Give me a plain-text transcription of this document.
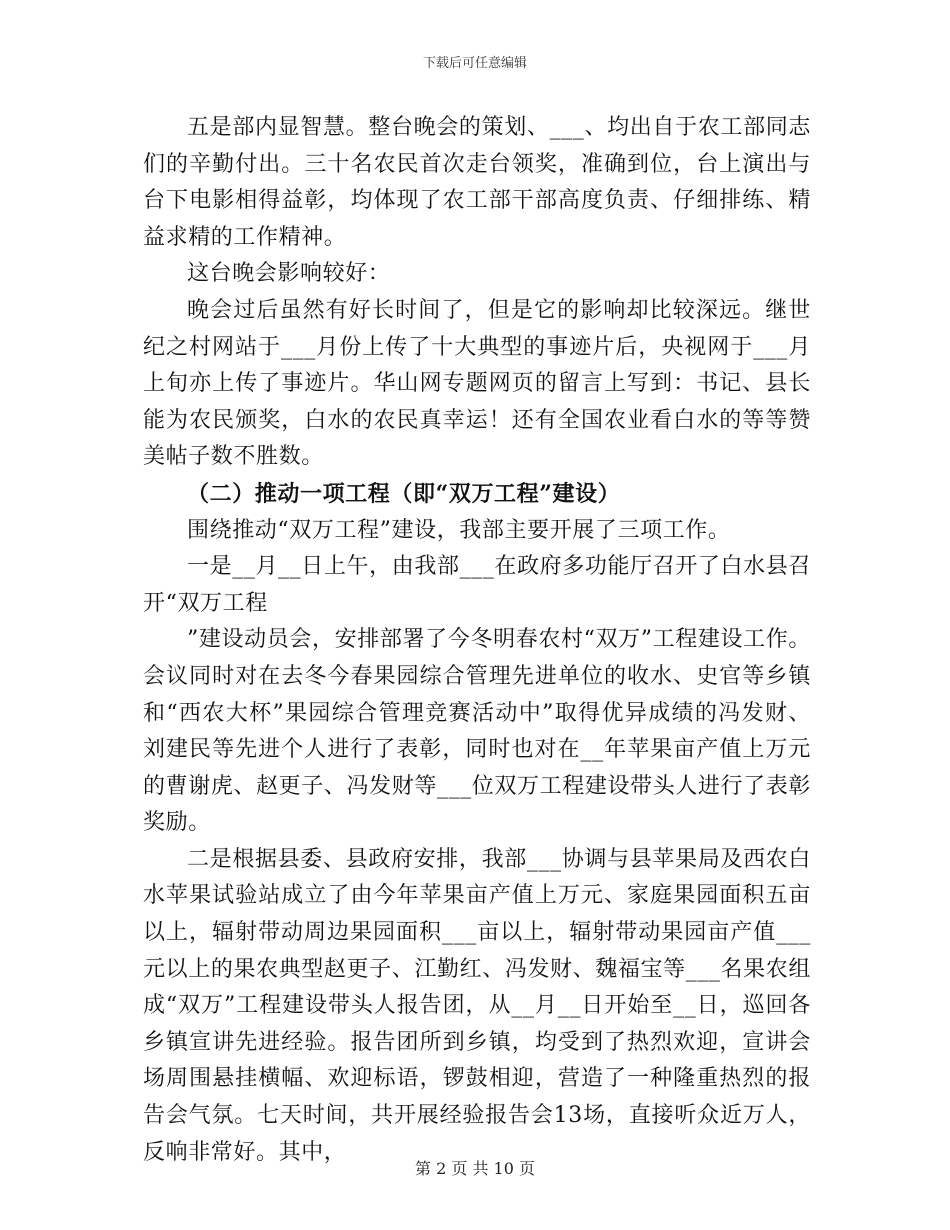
下载后可任意编辑

五是部内显智慧。整台晚会的策划、___、均出自于农工部同志们的辛勤付出。三十名农民首次走台领奖，准确到位，台上演出与台下电影相得益彰，均体现了农工部干部高度负责、仔细排练、精益求精的工作精神。

这台晚会影响较好：

晚会过后虽然有好长时间了，但是它的影响却比较深远。继世纪之村网站于___月份上传了十大典型的事迹片后，央视网于___月上旬亦上传了事迹片。华山网专题网页的留言上写到：书记、县长能为农民颁奖，白水的农民真幸运！还有全国农业看白水的等等赞美帖子数不胜数。

（二）推动一项工程（即“双万工程”建设）

围绕推动“双万工程”建设，我部主要开展了三项工作。

一是__月__日上午，由我部___在政府多功能厅召开了白水县召开“双万工程

”建设动员会，安排部署了今冬明春农村“双万”工程建设工作。会议同时对在去冬今春果园综合管理先进单位的收水、史官等乡镇和“西农大杯”果园综合管理竞赛活动中”取得优异成绩的冯发财、刘建民等先进个人进行了表彰，同时也对在__年苹果亩产值上万元的曹谢虎、赵更子、冯发财等___位双万工程建设带头人进行了表彰奖励。

二是根据县委、县政府安排，我部___协调与县苹果局及西农白水苹果试验站成立了由今年苹果亩产值上万元、家庭果园面积五亩以上，辐射带动周边果园面积___亩以上，辐射带动果园亩产值___元以上的果农典型赵更子、江勤红、冯发财、魏福宝等___名果农组成“双万”工程建设带头人报告团，从__月__日开始至__日，巡回各乡镇宣讲先进经验。报告团所到乡镇，均受到了热烈欢迎，宣讲会场周围悬挂横幅、欢迎标语，锣鼓相迎，营造了一种隆重热烈的报告会气氛。七天时间，共开展经验报告会13场，直接听众近万人，反响非常好。其中，

第 2 页 共 10 页
